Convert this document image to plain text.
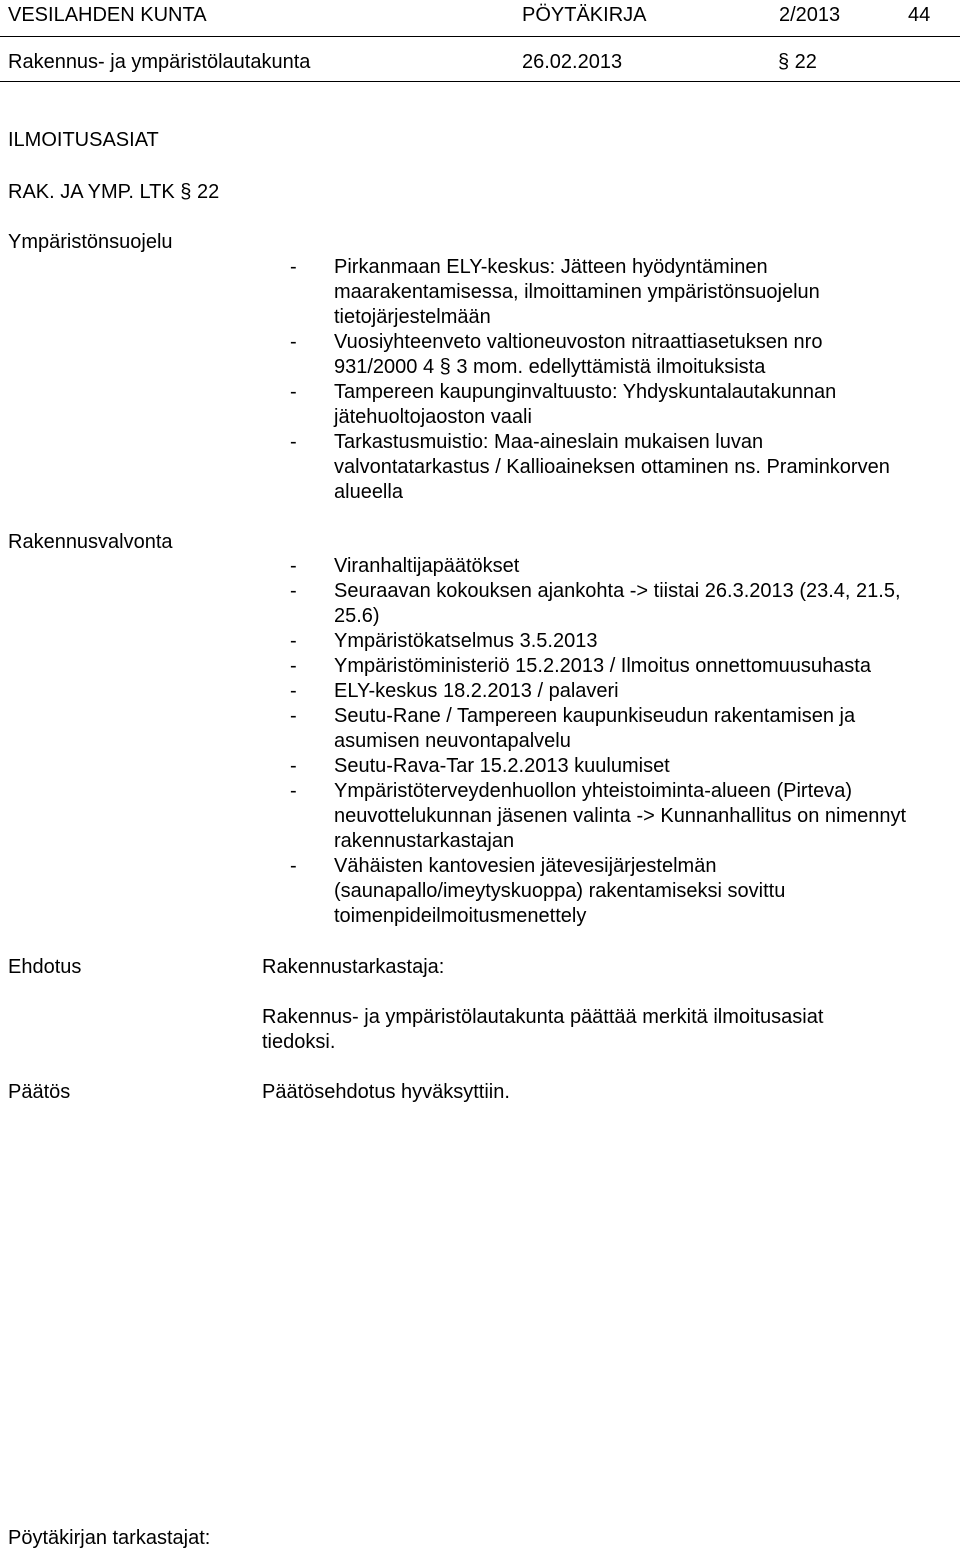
VESILAHDEN KUNTA	PÖYTÄKIRJA	2/2013	44
Rakennus- ja ympäristölautakunta	26.02.2013	§ 22
ILMOITUSASIAT
RAK. JA YMP. LTK § 22
Ympäristönsuojelu
- Pirkanmaan ELY-keskus: Jätteen hyödyntäminen
maarakentamisessa, ilmoittaminen ympäristönsuojelun
tietojärjestelmään
- Vuosiyhteenveto valtioneuvoston nitraattiasetuksen nro
931/2000 4 § 3 mom. edellyttämistä ilmoituksista
- Tampereen kaupunginvaltuusto: Yhdyskuntalautakunnan
jätehuoltojaoston vaali
- Tarkastusmuistio: Maa-aineslain mukaisen luvan
valvontatarkastus / Kallioaineksen ottaminen ns. Praminkorven
alueella
Rakennusvalvonta
- Viranhaltijapäätökset
- Seuraavan kokouksen ajankohta -> tiistai 26.3.2013 (23.4, 21.5,
25.6)
- Ympäristökatselmus 3.5.2013
- Ympäristöministeriö 15.2.2013 / Ilmoitus onnettomuusuhasta
- ELY-keskus 18.2.2013 / palaveri
- Seutu-Rane / Tampereen kaupunkiseudun rakentamisen ja
asumisen neuvontapalvelu
- Seutu-Rava-Tar 15.2.2013 kuulumiset
- Ympäristöterveydenhuollon yhteistoiminta-alueen (Pirteva)
neuvottelukunnan jäsenen valinta -> Kunnanhallitus on nimennyt
rakennustarkastajan
- Vähäisten kantovesien jätevesijärjestelmän
(saunapallo/imeytyskuoppa) rakentamiseksi sovittu
toimenpideilmoitusmenettely
Ehdotus	Rakennustarkastaja:
Rakennus- ja ympäristölautakunta päättää merkitä ilmoitusasiat
tiedoksi.
Päätös	Päätösehdotus hyväksyttiin.
Pöytäkirjan tarkastajat:
